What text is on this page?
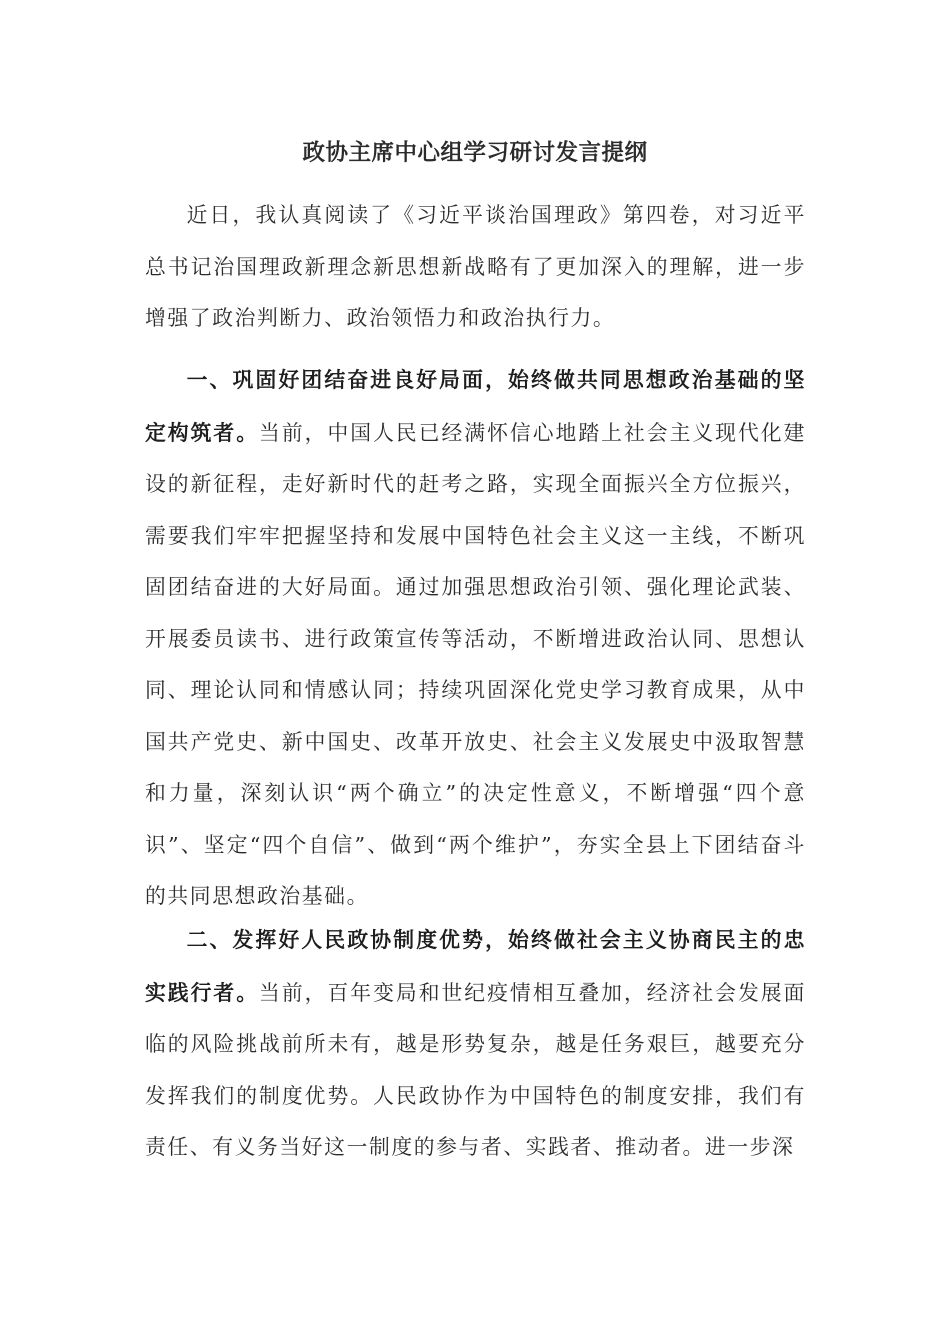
政协主席中心组学习研讨发言提纲

近日，我认真阅读了《习近平谈治国理政》第四卷，对习近平总书记治国理政新理念新思想新战略有了更加深入的理解，进一步增强了政治判断力、政治领悟力和政治执行力。

一、巩固好团结奋进良好局面，始终做共同思想政治基础的坚定构筑者。当前，中国人民已经满怀信心地踏上社会主义现代化建设的新征程，走好新时代的赶考之路，实现全面振兴全方位振兴，需要我们牢牢把握坚持和发展中国特色社会主义这一主线，不断巩固团结奋进的大好局面。通过加强思想政治引领、强化理论武装、开展委员读书、进行政策宣传等活动，不断增进政治认同、思想认同、理论认同和情感认同；持续巩固深化党史学习教育成果，从中国共产党史、新中国史、改革开放史、社会主义发展史中汲取智慧和力量，深刻认识“两个确立”的决定性意义，不断增强“四个意识”、坚定“四个自信”、做到“两个维护”，夯实全县上下团结奋斗的共同思想政治基础。

二、发挥好人民政协制度优势，始终做社会主义协商民主的忠实践行者。当前，百年变局和世纪疫情相互叠加，经济社会发展面临的风险挑战前所未有，越是形势复杂，越是任务艰巨，越要充分发挥我们的制度优势。人民政协作为中国特色的制度安排，我们有责任、有义务当好这一制度的参与者、实践者、推动者。进一步深
